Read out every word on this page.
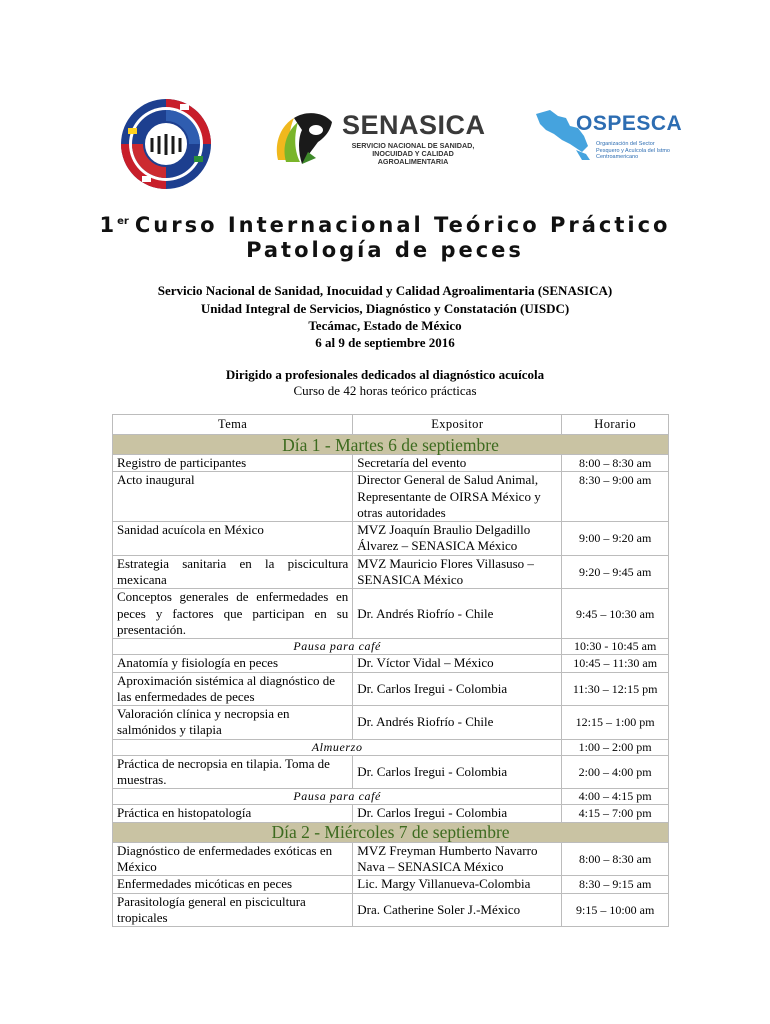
SENASICA
SERVICIO NACIONAL DE SANIDAD,
INOCUIDAD Y CALIDAD
AGROALIMENTARIA
OSPESCA
Organización del Sector Pesquero y Acuícola del Istmo Centroamericano
1er Curso Internacional Teórico Práctico
Patología de peces
Servicio Nacional de Sanidad, Inocuidad y Calidad Agroalimentaria (SENASICA)
Unidad Integral de Servicios, Diagnóstico y Constatación (UISDC)
Tecámac, Estado de México
6 al 9 de septiembre 2016
Dirigido a profesionales dedicados al diagnóstico acuícola
Curso de 42 horas teórico prácticas
Tema	Expositor	Horario
Día 1 - Martes 6 de septiembre		
Registro de participantes	Secretaría del evento	8:00 – 8:30 am
Acto inaugural	Director General de Salud Animal, Representante de OIRSA México y otras autoridades	8:30 – 9:00 am
Sanidad acuícola en México	MVZ Joaquín Braulio Delgadillo Álvarez – SENASICA México	9:00 – 9:20 am
Estrategia sanitaria en la piscicultura mexicana	MVZ Mauricio Flores Villasuso – SENASICA México	9:20 – 9:45 am
Conceptos generales de enfermedades en peces y factores que participan en su presentación.	Dr. Andrés Riofrío - Chile	9:45 – 10:30 am
Pausa para café		10:30 - 10:45 am
Anatomía y fisiología en peces	Dr. Víctor Vidal – México	10:45 – 11:30 am
Aproximación sistémica al diagnóstico de las enfermedades de peces	Dr. Carlos Iregui - Colombia	11:30 – 12:15 pm
Valoración clínica y necropsia en salmónidos y tilapia	Dr. Andrés Riofrío - Chile	12:15 – 1:00 pm
Almuerzo		1:00 – 2:00 pm
Práctica de necropsia en tilapia. Toma de muestras.	Dr. Carlos Iregui - Colombia	2:00 – 4:00 pm
Pausa para café		4:00 – 4:15 pm
Práctica en histopatología	Dr. Carlos Iregui - Colombia	4:15 – 7:00 pm
Día 2 - Miércoles 7 de septiembre		
Diagnóstico de enfermedades exóticas en México	MVZ Freyman Humberto Navarro Nava – SENASICA México	8:00 – 8:30 am
Enfermedades micóticas en peces	Lic. Margy Villanueva-Colombia	8:30 – 9:15 am
Parasitología general en piscicultura tropicales	Dra. Catherine Soler J.-México	9:15 – 10:00 am
